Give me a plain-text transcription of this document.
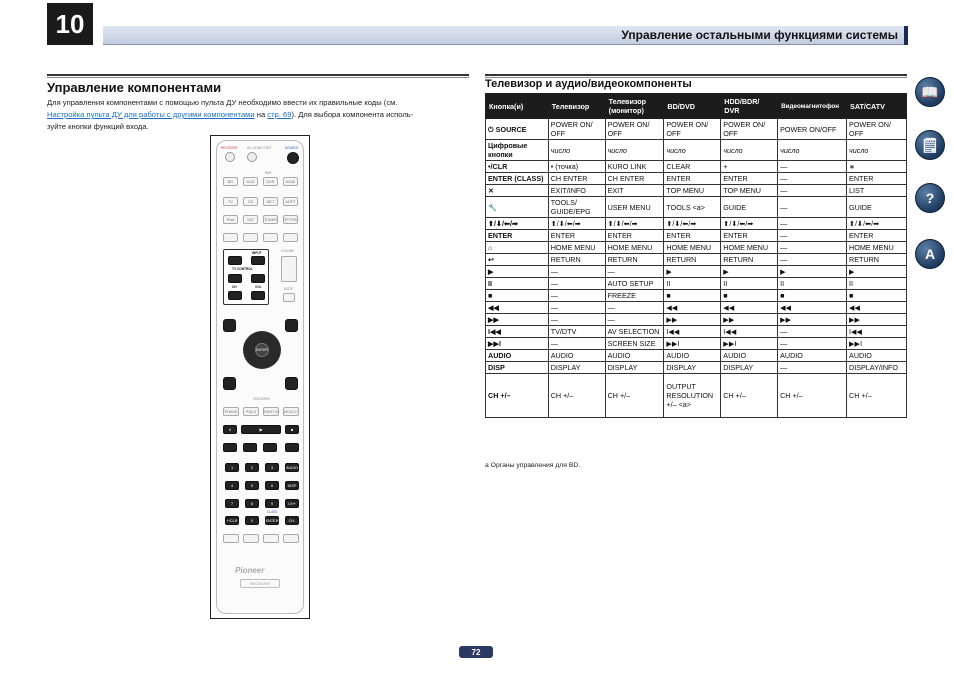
10	Управление остальными функциями системы
Управление компонентами
Для управления компонентами с помощью пульта ДУ необходимо ввести их правильные коды (см.
Настройка пульта ДУ для работы с другими компонентами на стр. 69). Для выбора компонента исполь-
зуйте кнопки функций входа.
RECEIVER	ALL ZONE STBY	SOURCE
BDR
BD	DVD	DVR	HDMI
TV	CD	NET	ADPT
iPod	SAT	TUNER OPTION
INPUT
TV CONTROL
CH	VOL
VOLUME
MUTE
ENTER
FEATURED
PHASE	PQLS	SWITCH MCACC
II	▶	■
1	2	3	AUDIO
4	5	6	DISP
7	8	9	CH+
CLASS
+/CLR	0	ENTER	CH-
Pioneer
RECEIVER
Телевизор и аудио/видеокомпоненты
Кнопка(и)	Телевизор	Телевизор (монитор)	BD/DVD	HDD/BDR/ DVR	Видеомагнитофон	SAT/CATV
⏻ SOURCE	POWER ON/ OFF	POWER ON/ OFF	POWER ON/ OFF	POWER ON/ OFF	POWER ON/OFF	POWER ON/ OFF
Цифровые кнопки	число	число	число	число	число	число
•/CLR	• (точка)	KURO LINK	CLEAR	+	—	∗
ENTER (CLASS)	CH ENTER	CH ENTER	ENTER	ENTER	—	ENTER
✕	EXIT/INFO	EXIT	TOP MENU	TOP MENU	—	LIST
🔧	TOOLS/ GUIDE/EPG	USER MENU	TOOLS <a>	GUIDE	—	GUIDE
⬆/⬇/⬅/➡	⬆/⬇/⬅/➡	⬆/⬇/⬅/➡	⬆/⬇/⬅/➡	⬆/⬇/⬅/➡	—	⬆/⬇/⬅/➡
ENTER	ENTER	ENTER	ENTER	ENTER	—	ENTER
⌂	HOME MENU	HOME MENU	HOME MENU	HOME MENU	—	HOME MENU
↩	RETURN	RETURN	RETURN	RETURN	—	RETURN
▶	—	—	▶	▶	▶	▶
II	—	AUTO SETUP	II	II	II	II
■	—	FREEZE	■	■	■	■
◀◀	—	—	◀◀	◀◀	◀◀	◀◀
▶▶	—	—	▶▶	▶▶	▶▶	▶▶
I◀◀	TV/DTV	AV SELECTION	I◀◀	I◀◀	—	I◀◀
▶▶I	—	SCREEN SIZE	▶▶I	▶▶I	—	▶▶I
AUDIO	AUDIO	AUDIO	AUDIO	AUDIO	AUDIO	AUDIO
DISP	DISPLAY	DISPLAY	DISPLAY	DISPLAY	—	DISPLAY/INFO
CH +/–	CH +/–	CH +/–	OUTPUT RESOLUTION +/– <a>	CH +/–	CH +/–	CH +/–
a Органы управления для BD.
📖
🗒
?
A
72
